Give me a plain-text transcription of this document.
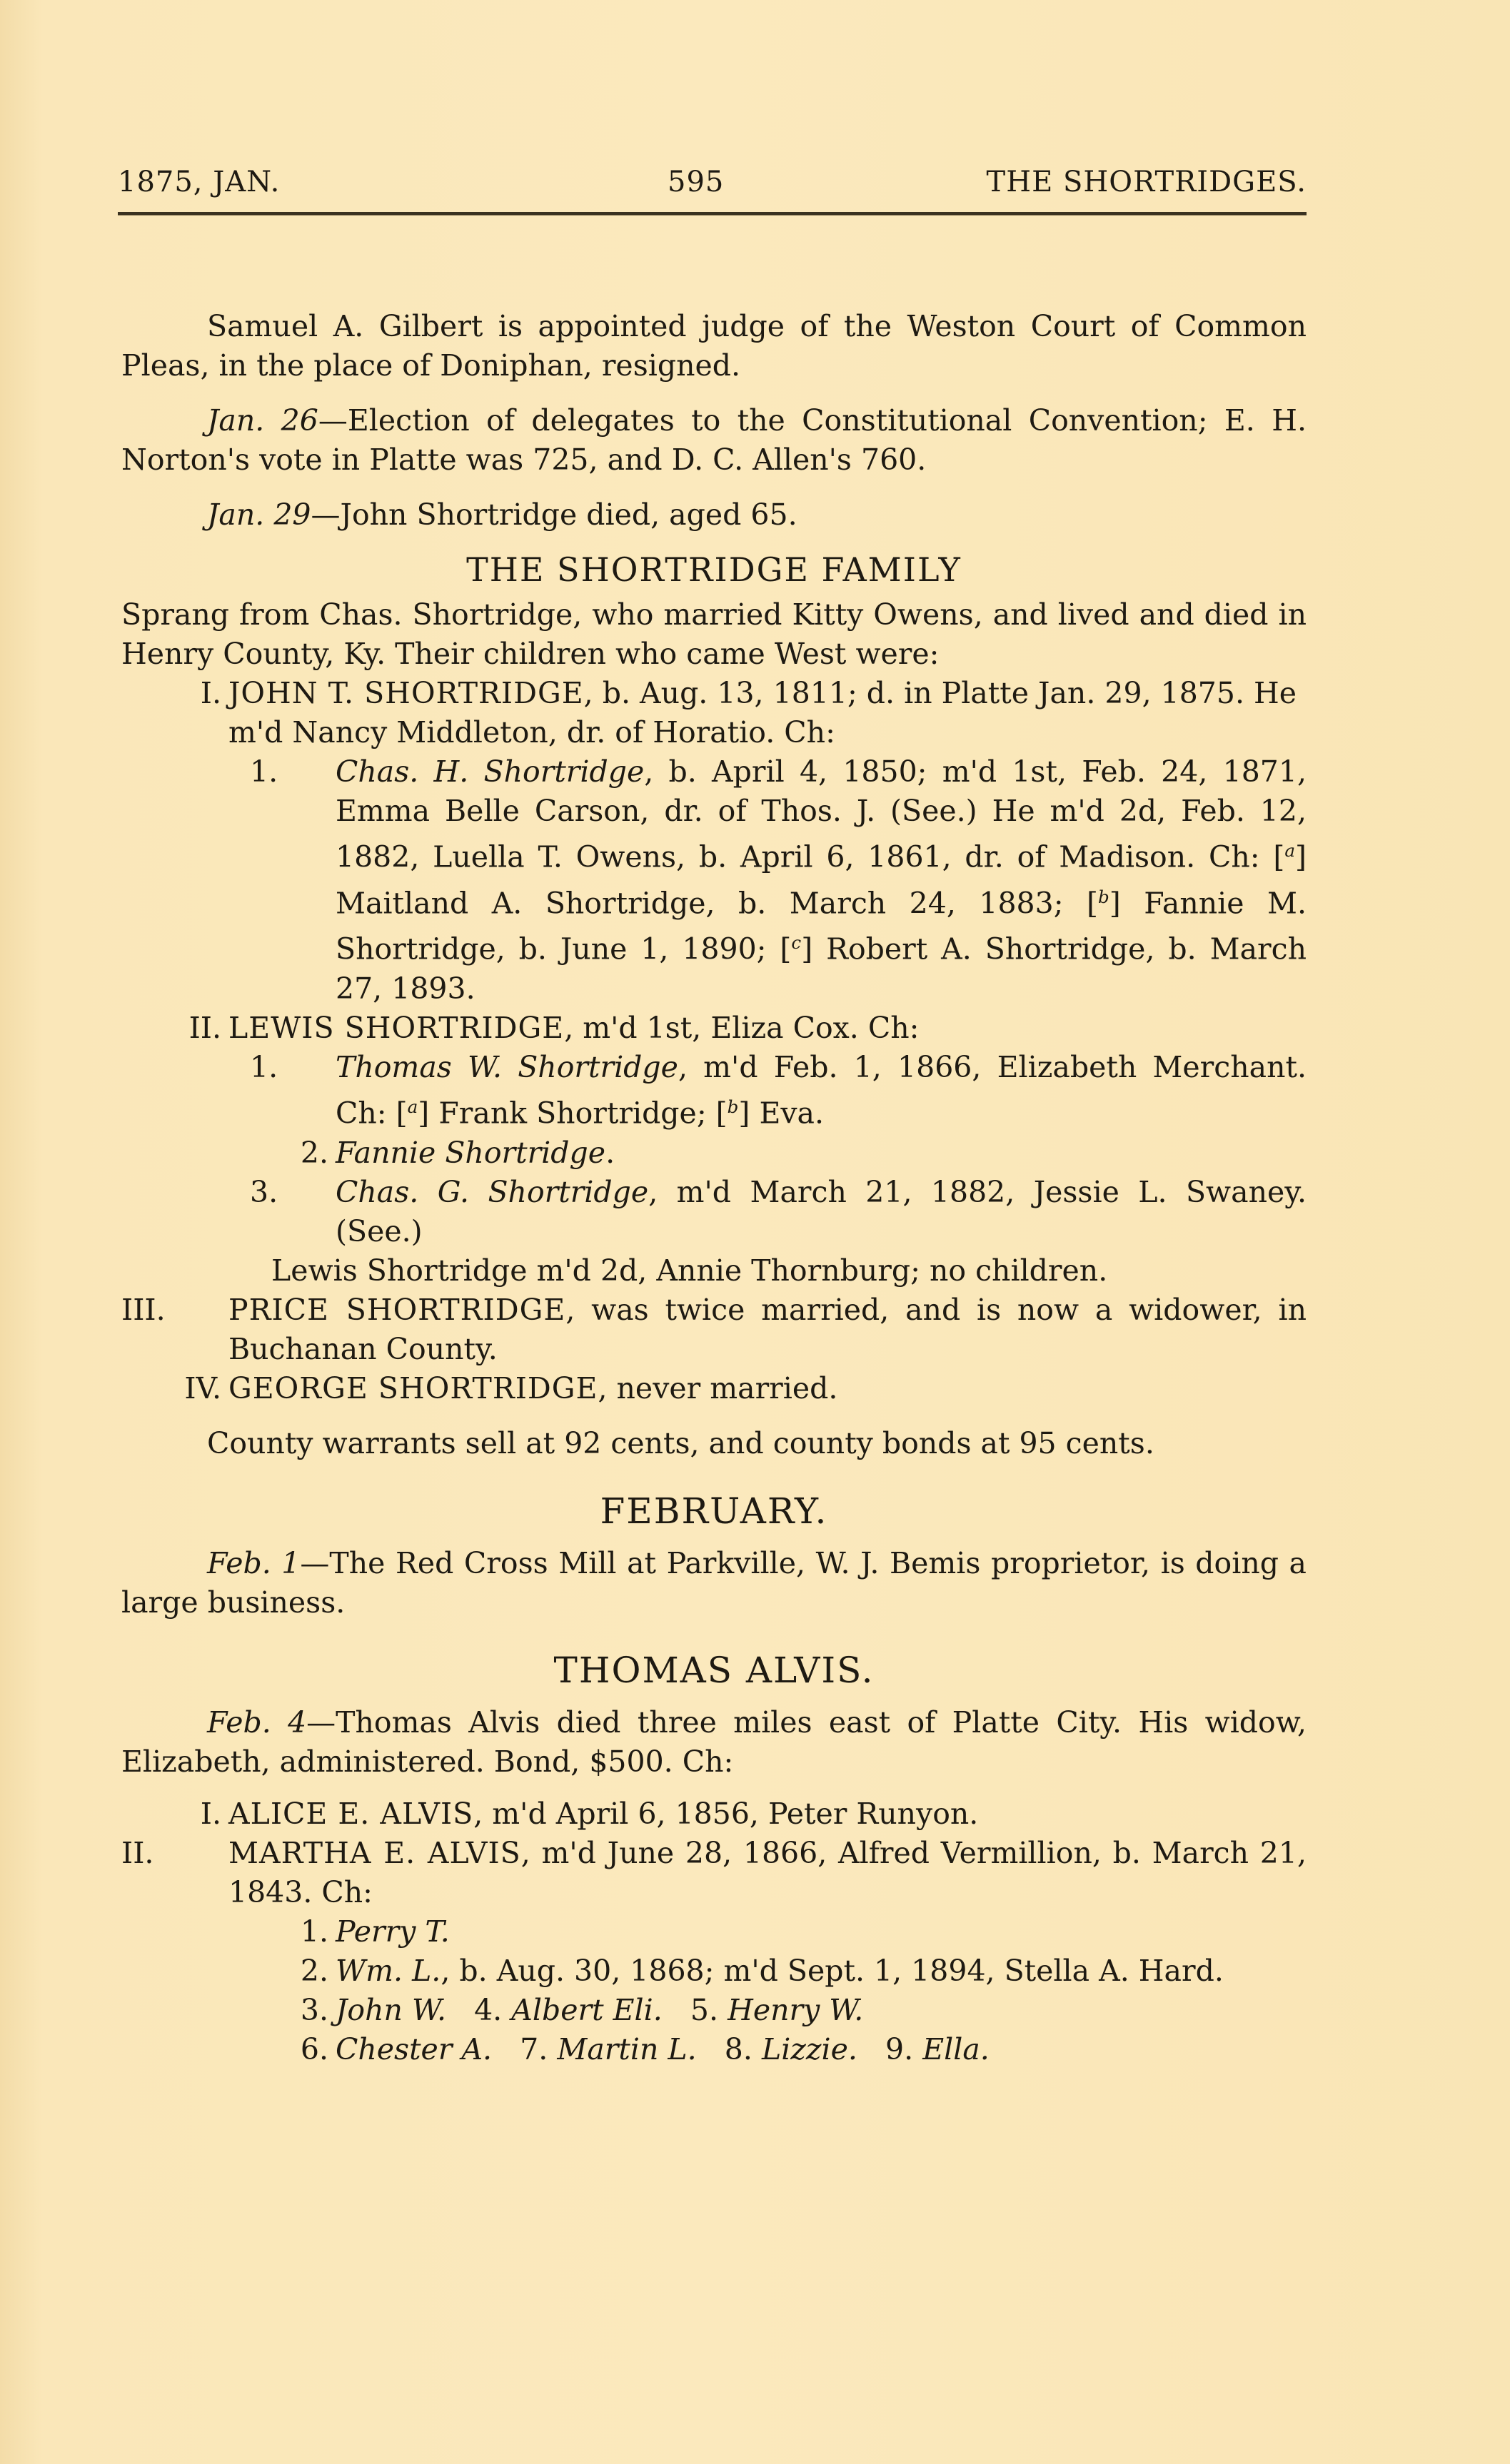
1875, JAN.	595	THE SHORTRIDGES.

Samuel A. Gilbert is appointed judge of the Weston Court of Common Pleas, in the place of Doniphan, resigned.

Jan. 26—Election of delegates to the Constitutional Convention; E. H. Norton's vote in Platte was 725, and D. C. Allen's 760.

Jan. 29—John Shortridge died, aged 65.

THE SHORTRIDGE FAMILY

Sprang from Chas. Shortridge, who married Kitty Owens, and lived and died in Henry County, Ky. Their children who came West were:

I. JOHN T. SHORTRIDGE, b. Aug. 13, 1811; d. in Platte Jan. 29, 1875. He m'd Nancy Middleton, dr. of Horatio. Ch:
1.	Chas. H. Shortridge, b. April 4, 1850; m'd 1st, Feb. 24, 1871, Emma Belle Carson, dr. of Thos. J. (See.) He m'd 2d, Feb. 12, 1882, Luella T. Owens, b. April 6, 1861, dr. of Madison. Ch: [$^a$] Maitland A. Shortridge, b. March 24, 1883; [$^b$] Fannie M. Shortridge, b. June 1, 1890; [$^c$] Robert A. Shortridge, b. March 27, 1893.
II. LEWIS SHORTRIDGE, m'd 1st, Eliza Cox. Ch:
1.	Thomas W. Shortridge, m'd Feb. 1, 1866, Elizabeth Merchant. Ch: [$^a$] Frank Shortridge; [$^b$] Eva.
2. Fannie Shortridge.
3.	Chas. G. Shortridge, m'd March 21, 1882, Jessie L. Swaney. (See.)
Lewis Shortridge m'd 2d, Annie Thornburg; no children.
III.	PRICE SHORTRIDGE, was twice married, and is now a widower, in Buchanan County.
IV. GEORGE SHORTRIDGE, never married.

County warrants sell at 92 cents, and county bonds at 95 cents.

FEBRUARY.

Feb. 1—The Red Cross Mill at Parkville, W. J. Bemis proprietor, is doing a large business.

THOMAS ALVIS.

Feb. 4—Thomas Alvis died three miles east of Platte City. His widow, Elizabeth, administered. Bond, $500. Ch:

I. ALICE E. ALVIS, m'd April 6, 1856, Peter Runyon.
II.	MARTHA E. ALVIS, m'd June 28, 1866, Alfred Vermillion, b. March 21, 1843. Ch:
1. Perry T.
2. Wm. L., b. Aug. 30, 1868; m'd Sept. 1, 1894, Stella A. Hard.
3. John W. 4. Albert Eli. 5. Henry W.
6. Chester A. 7. Martin L. 8. Lizzie. 9. Ella.
